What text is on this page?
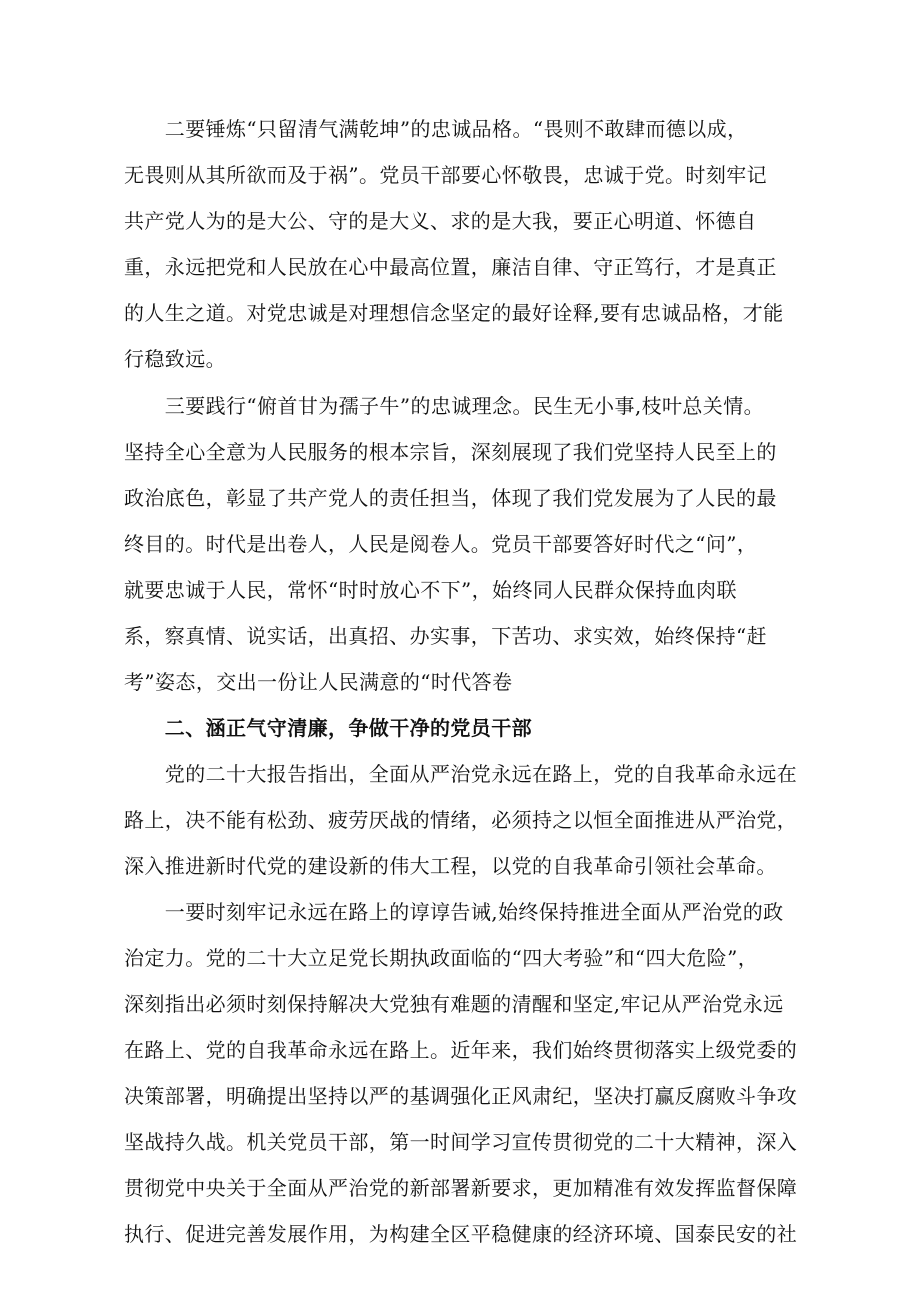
　　二要锤炼“只留清气满乾坤”的忠诚品格。“畏则不敢肆而德以成，
无畏则从其所欲而及于祸”。党员干部要心怀敬畏，忠诚于党。时刻牢记
共产党人为的是大公、守的是大义、求的是大我，要正心明道、怀德自
重，永远把党和人民放在心中最高位置，廉洁自律、守正笃行，才是真正
的人生之道。对党忠诚是对理想信念坚定的最好诠释,要有忠诚品格，才能
行稳致远。
　　三要践行“俯首甘为孺子牛”的忠诚理念。民生无小事,枝叶总关情。
坚持全心全意为人民服务的根本宗旨，深刻展现了我们党坚持人民至上的
政治底色，彰显了共产党人的责任担当，体现了我们党发展为了人民的最
终目的。时代是出卷人，人民是阅卷人。党员干部要答好时代之“问”，
就要忠诚于人民，常怀“时时放心不下”，始终同人民群众保持血肉联
系，察真情、说实话，出真招、办实事，下苦功、求实效，始终保持“赶
考”姿态，交出一份让人民满意的“时代答卷
　　二、涵正气守清廉，争做干净的党员干部
　　党的二十大报告指出，全面从严治党永远在路上，党的自我革命永远在
路上，决不能有松劲、疲劳厌战的情绪，必须持之以恒全面推进从严治党，
深入推进新时代党的建设新的伟大工程，以党的自我革命引领社会革命。
　　一要时刻牢记永远在路上的谆谆告诫,始终保持推进全面从严治党的政
治定力。党的二十大立足党长期执政面临的“四大考验”和“四大危险”，
深刻指出必须时刻保持解决大党独有难题的清醒和坚定,牢记从严治党永远
在路上、党的自我革命永远在路上。近年来，我们始终贯彻落实上级党委的
决策部署，明确提出坚持以严的基调强化正风肃纪，坚决打赢反腐败斗争攻
坚战持久战。机关党员干部，第一时间学习宣传贯彻党的二十大精神，深入
贯彻党中央关于全面从严治党的新部署新要求，更加精准有效发挥监督保障
执行、促进完善发展作用，为构建全区平稳健康的经济环境、国泰民安的社
